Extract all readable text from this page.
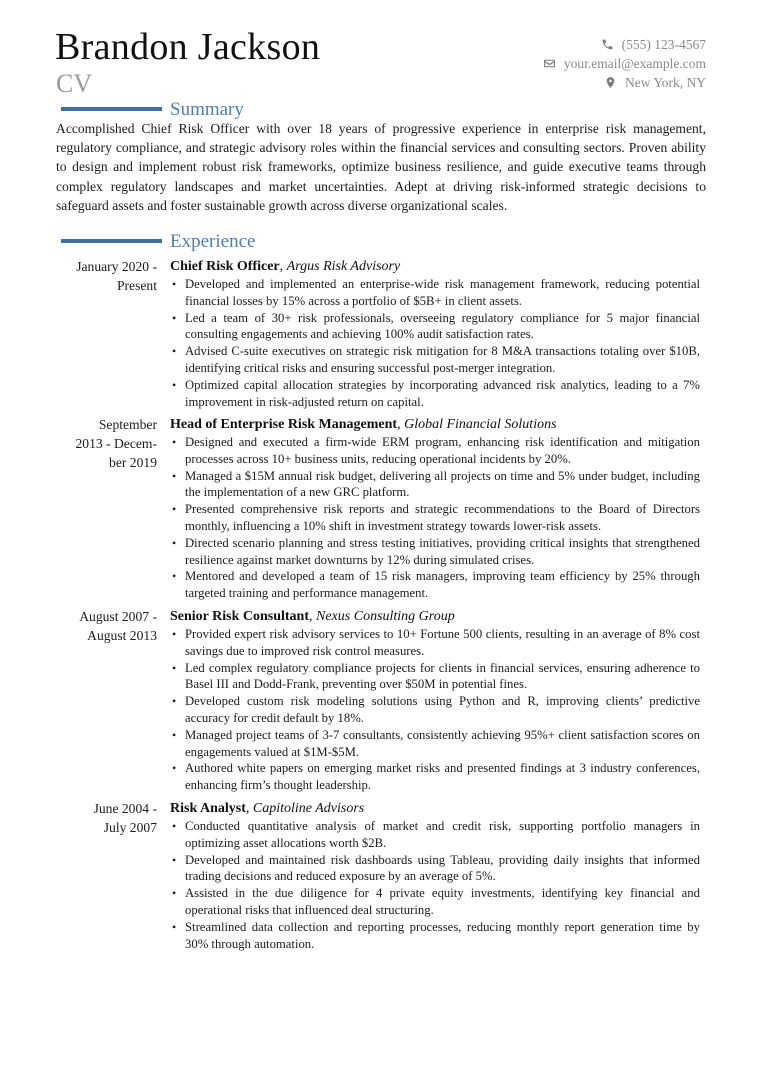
Brandon Jackson
CV
(555) 123-4567
your.email@example.com
New York, NY
Summary
Accomplished Chief Risk Officer with over 18 years of progressive experience in enterprise risk management, regulatory compliance, and strategic advisory roles within the financial services and consulting sectors. Proven ability to design and implement robust risk frameworks, optimize business resilience, and guide executive teams through complex regulatory landscapes and market uncertainties. Adept at driving risk-informed strategic decisions to safeguard assets and foster sustainable growth across diverse organizational scales.
Experience
January 2020 -
Present
Chief Risk Officer, Argus Risk Advisory
• Developed and implemented an enterprise-wide risk management framework, reducing potential financial losses by 15% across a portfolio of $5B+ in client assets.
• Led a team of 30+ risk professionals, overseeing regulatory compliance for 5 major financial consulting engagements and achieving 100% audit satisfaction rates.
• Advised C-suite executives on strategic risk mitigation for 8 M&A transactions totaling over $10B, identifying critical risks and ensuring successful post-merger integration.
• Optimized capital allocation strategies by incorporating advanced risk analytics, leading to a 7% improvement in risk-adjusted return on capital.
September
2013 - Decem-
ber 2019
Head of Enterprise Risk Management, Global Financial Solutions
• Designed and executed a firm-wide ERM program, enhancing risk identification and mitigation processes across 10+ business units, reducing operational incidents by 20%.
• Managed a $15M annual risk budget, delivering all projects on time and 5% under budget, including the implementation of a new GRC platform.
• Presented comprehensive risk reports and strategic recommendations to the Board of Directors monthly, influencing a 10% shift in investment strategy towards lower-risk assets.
• Directed scenario planning and stress testing initiatives, providing critical insights that strengthened resilience against market downturns by 12% during simulated crises.
• Mentored and developed a team of 15 risk managers, improving team efficiency by 25% through targeted training and performance management.
August 2007 -
August 2013
Senior Risk Consultant, Nexus Consulting Group
• Provided expert risk advisory services to 10+ Fortune 500 clients, resulting in an average of 8% cost savings due to improved risk control measures.
• Led complex regulatory compliance projects for clients in financial services, ensuring adherence to Basel III and Dodd-Frank, preventing over $50M in potential fines.
• Developed custom risk modeling solutions using Python and R, improving clients’ predictive accuracy for credit default by 18%.
• Managed project teams of 3-7 consultants, consistently achieving 95%+ client satisfaction scores on engagements valued at $1M-$5M.
• Authored white papers on emerging market risks and presented findings at 3 industry conferences, enhancing firm’s thought leadership.
June 2004 -
July 2007
Risk Analyst, Capitoline Advisors
• Conducted quantitative analysis of market and credit risk, supporting portfolio managers in optimizing asset allocations worth $2B.
• Developed and maintained risk dashboards using Tableau, providing daily insights that informed trading decisions and reduced exposure by an average of 5%.
• Assisted in the due diligence for 4 private equity investments, identifying key financial and operational risks that influenced deal structuring.
• Streamlined data collection and reporting processes, reducing monthly report generation time by 30% through automation.
